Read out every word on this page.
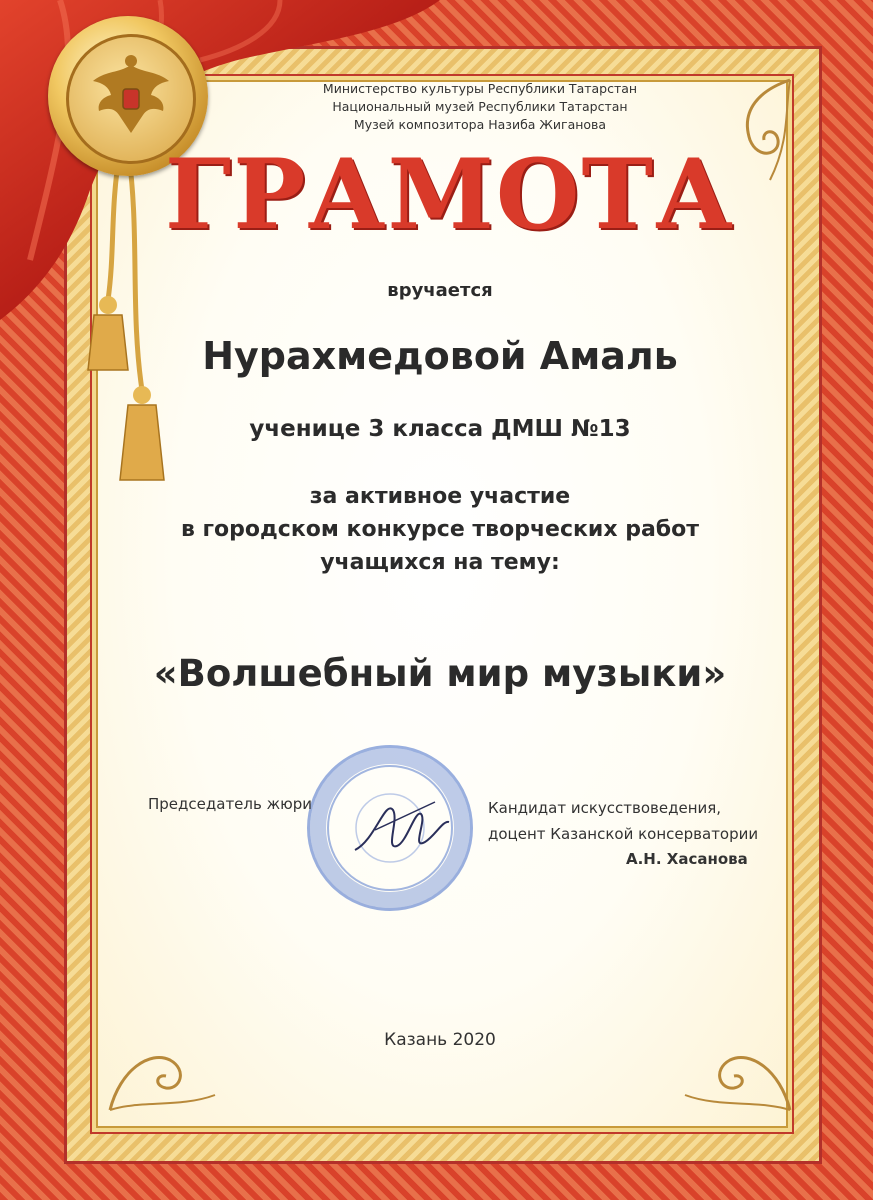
Министерство культуры Республики Татарстан
Национальный музей Республики Татарстан
Музей композитора Назиба Жиганова
ГРАМОТА
вручается
Нурахмедовой Амаль
ученице 3 класса ДМШ №13
за активное участие
в городском конкурсе творческих работ
учащихся на тему:
«Волшебный мир музыки»
Председатель жюри	Кандидат искусствоведения,
доцент Казанской консерватории
А.Н. Хасанова
Казань 2020
